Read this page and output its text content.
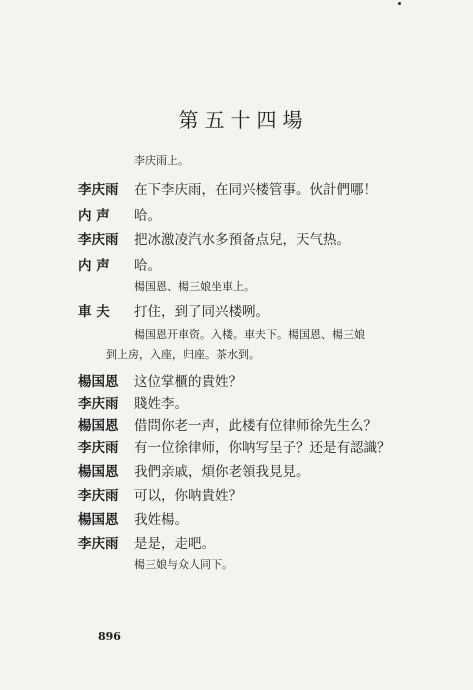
第五十四場
李庆雨上。
李庆雨	在下李庆雨，在同兴楼管事。伙計們哪！
内 声	哈。
李庆雨	把冰激凌汽水多預备点兒，天气热。
内 声	哈。
楊国恩、楊三娘坐車上。
車 夫	打住，到了同兴楼咧。
楊国恩开車资。入楼。車夫下。楊国恩、楊三娘
到上房，入座，归座。茶水到。
楊国恩	这位掌櫃的貴姓？
李庆雨	賤姓李。
楊国恩	借問你老一声，此楼有位律师徐先生么？
李庆雨	有一位徐律师，你呐写呈子？还是有認識？
楊国恩	我們亲戚，煩你老領我見見。
李庆雨	可以，你呐貴姓？
楊国恩	我姓楊。
李庆雨	是是，走吧。
楊三娘与众人同下。
896
